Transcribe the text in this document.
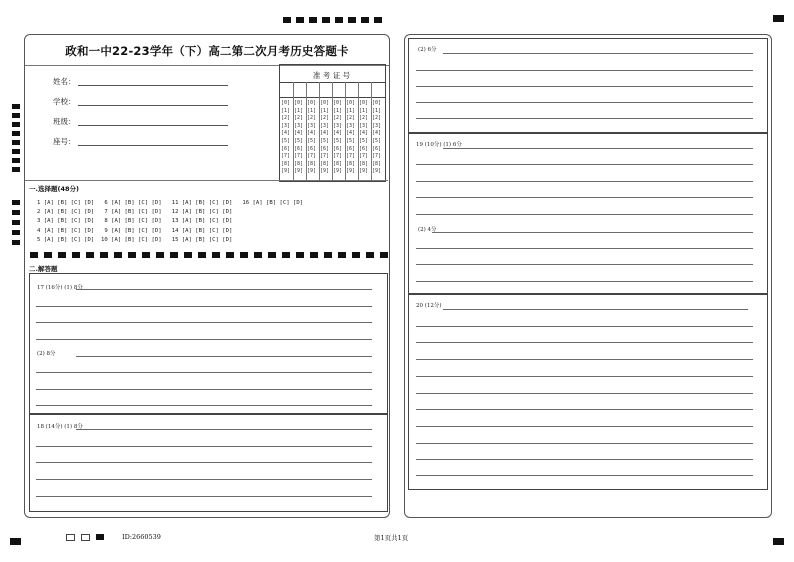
政和一中22-23学年（下）高二第二次月考历史答题卡
姓名：
学校：
班级：
座号：
准 考 证 号
[0]
[1]
[2]
[3]
[4]
[5]
[6]
[7]
[8]
[9]
[0]
[1]
[2]
[3]
[4]
[5]
[6]
[7]
[8]
[9]
[0]
[1]
[2]
[3]
[4]
[5]
[6]
[7]
[8]
[9]
[0]
[1]
[2]
[3]
[4]
[5]
[6]
[7]
[8]
[9]
[0]
[1]
[2]
[3]
[4]
[5]
[6]
[7]
[8]
[9]
[0]
[1]
[2]
[3]
[4]
[5]
[6]
[7]
[8]
[9]
[0]
[1]
[2]
[3]
[4]
[5]
[6]
[7]
[8]
[9]
[0]
[1]
[2]
[3]
[4]
[5]
[6]
[7]
[8]
[9]
一.选择题(48分)
1 [A] [B] [C] [D]   6 [A] [B] [C] [D]   11 [A] [B] [C] [D]   16 [A] [B] [C] [D]
2 [A] [B] [C] [D]   7 [A] [B] [C] [D]   12 [A] [B] [C] [D]
3 [A] [B] [C] [D]   8 [A] [B] [C] [D]   13 [A] [B] [C] [D]
4 [A] [B] [C] [D]   9 [A] [B] [C] [D]   14 [A] [B] [C] [D]
5 [A] [B] [C] [D]  10 [A] [B] [C] [D]   15 [A] [B] [C] [D]
二.解答题
17 (16分) (1) 8分
(2) 8分
18 (14分) (1) 8分
(2) 6分
19 (10分) (1) 6分
(2) 4分
20 (12分)
ID:2660539	第1页共1页
